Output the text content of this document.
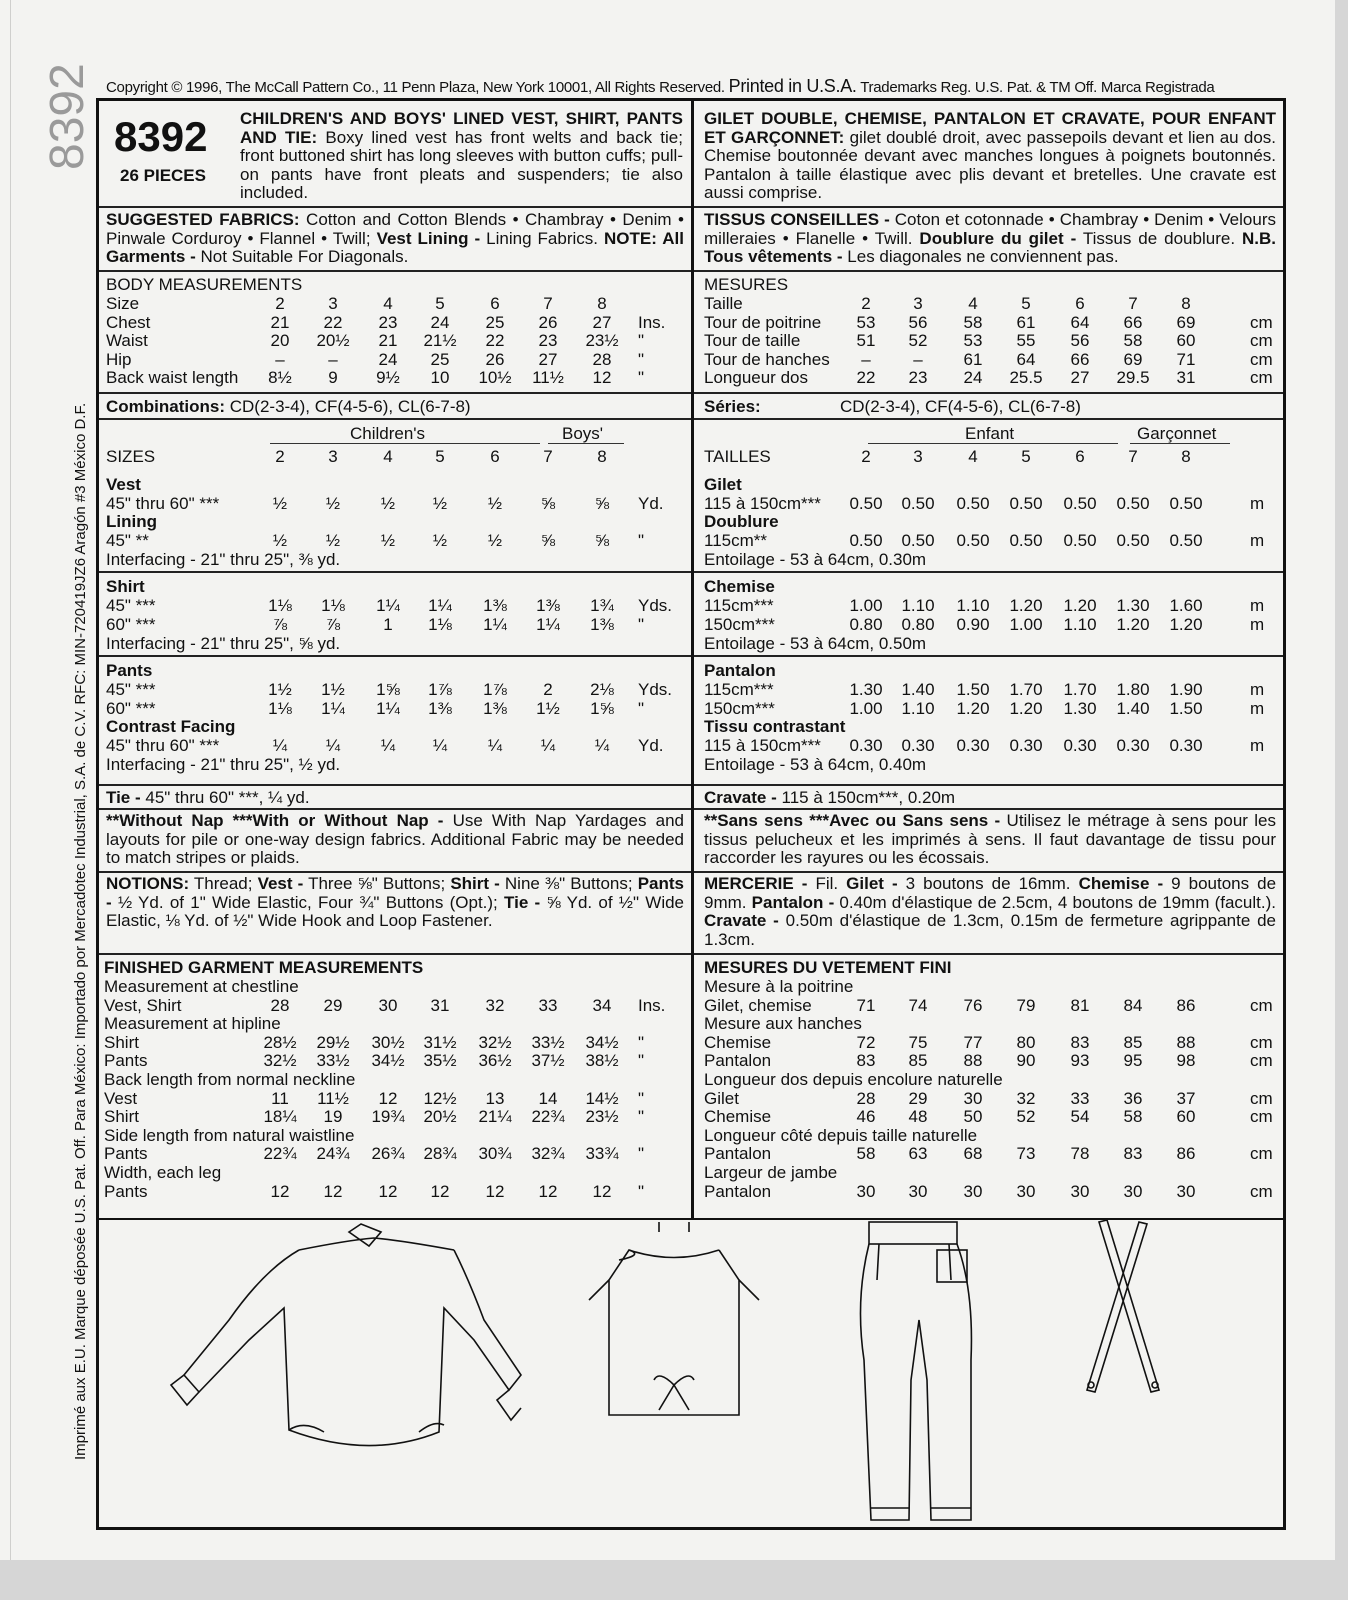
8392 Copyright © 1996, The McCall Pattern Co., 11 Penn Plaza, New York 10001, All Rights Reserved. Printed in U.S.A. Trademarks Reg. U.S. Pat. & TM Off. Marca Registrada
Imprimé aux E.U. Marque déposée U.S. Pat. Off. Para México: Importado por Mercadotec Industrial, S.A. de C.V. RFC: MIN-720419JZ6 Aragón #3 México D.F.
8392
26 PIECES
CHILDREN'S AND BOYS' LINED VEST, SHIRT, PANTS AND TIE: Boxy lined vest has front welts and back tie; front buttoned shirt has long sleeves with button cuffs; pull-on pants have front pleats and suspenders; tie also included.
SUGGESTED FABRICS: Cotton and Cotton Blends • Chambray • Denim • Pinwale Corduroy • Flannel • Twill; Vest Lining - Lining Fabrics. NOTE: All Garments - Not Suitable For Diagonals.
BODY MEASUREMENTS
Size	2	3	4	5	6	7	8
Chest	21	22	23	24	25	26	27	Ins.
Waist	20	20½	21	21½	22	23	23½	"
Hip	–	–	24	25	26	27	28	"
Back waist length	8½	9	9½	10	10½	11½	12	"
Combinations: CD(2-3-4), CF(4-5-6), CL(6-7-8)
Children's	Boys'
SIZES	2	3	4	5	6	7	8
Vest
45" thru 60" ***	½	½	½	½	½	⅝	⅝	Yd.
Lining
45" **	½	½	½	½	½	⅝	⅝	"
Interfacing - 21" thru 25", ⅜ yd.
Shirt
45" ***	1⅛	1⅛	1¼	1¼	1⅜	1⅜	1¾	Yds.
60" ***	⅞	⅞	1	1⅛	1¼	1¼	1⅜	"
Interfacing - 21" thru 25", ⅝ yd.
Pants
45" ***	1½	1½	1⅝	1⅞	1⅞	2	2⅛	Yds.
60" ***	1⅛	1¼	1¼	1⅜	1⅜	1½	1⅝	"
Contrast Facing
45" thru 60" ***	¼	¼	¼	¼	¼	¼	¼	Yd.
Interfacing - 21" thru 25", ½ yd.
Tie - 45" thru 60" ***, ¼ yd.
**Without Nap ***With or Without Nap - Use With Nap Yardages and layouts for pile or one-way design fabrics. Additional Fabric may be needed to match stripes or plaids.
NOTIONS: Thread; Vest - Three ⅝" Buttons; Shirt - Nine ⅜" Buttons; Pants - ½ Yd. of 1" Wide Elastic, Four ¾" Buttons (Opt.); Tie - ⅝ Yd. of ½" Wide Elastic, ⅛ Yd. of ½" Wide Hook and Loop Fastener.
FINISHED GARMENT MEASUREMENTS
Measurement at chestline
Vest, Shirt	28	29	30	31	32	33	34	Ins.
Measurement at hipline
Shirt	28½	29½	30½	31½	32½	33½	34½	"
Pants	32½	33½	34½	35½	36½	37½	38½	"
Back length from normal neckline
Vest	11	11½	12	12½	13	14	14½	"
Shirt	18¼	19	19¾	20½	21¼	22¾	23½	"
Side length from natural waistline
Pants	22¾	24¾	26¾	28¾	30¾	32¾	33¾	"
Width, each leg
Pants	12	12	12	12	12	12	12	"
GILET DOUBLE, CHEMISE, PANTALON ET CRAVATE, POUR ENFANT ET GARÇONNET: gilet doublé droit, avec passepoils devant et lien au dos. Chemise boutonnée devant avec manches longues à poignets boutonnés. Pantalon à taille élastique avec plis devant et bretelles. Une cravate est aussi comprise.
TISSUS CONSEILLES - Coton et cotonnade • Chambray • Denim • Velours milleraies • Flanelle • Twill. Doublure du gilet - Tissus de doublure. N.B. Tous vêtements - Les diagonales ne conviennent pas.
MESURES
Taille	2	3	4	5	6	7	8
Tour de poitrine	53	56	58	61	64	66	69	cm
Tour de taille	51	52	53	55	56	58	60	cm
Tour de hanches	–	–	61	64	66	69	71	cm
Longueur dos	22	23	24	25.5	27	29.5	31	cm
Séries:	CD(2-3-4), CF(4-5-6), CL(6-7-8)
Enfant	Garçonnet
TAILLES	2	3	4	5	6	7	8
Gilet
115 à 150cm***	0.50	0.50	0.50	0.50	0.50	0.50	0.50	m
Doublure
115cm**	0.50	0.50	0.50	0.50	0.50	0.50	0.50	m
Entoilage - 53 à 64cm, 0.30m
Chemise
115cm***	1.00	1.10	1.10	1.20	1.20	1.30	1.60	m
150cm***	0.80	0.80	0.90	1.00	1.10	1.20	1.20	m
Entoilage - 53 à 64cm, 0.50m
Pantalon
115cm***	1.30	1.40	1.50	1.70	1.70	1.80	1.90	m
150cm***	1.00	1.10	1.20	1.20	1.30	1.40	1.50	m
Tissu contrastant
115 à 150cm***	0.30	0.30	0.30	0.30	0.30	0.30	0.30	m
Entoilage - 53 à 64cm, 0.40m
Cravate - 115 à 150cm***, 0.20m
**Sans sens ***Avec ou Sans sens - Utilisez le métrage à sens pour les tissus pelucheux et les imprimés à sens. Il faut davantage de tissu pour raccorder les rayures ou les écossais.
MERCERIE - Fil. Gilet - 3 boutons de 16mm. Chemise - 9 boutons de 9mm. Pantalon - 0.40m d'élastique de 2.5cm, 4 boutons de 19mm (facult.). Cravate - 0.50m d'élastique de 1.3cm, 0.15m de fermeture agrippante de 1.3cm.
MESURES DU VETEMENT FINI
Mesure à la poitrine
Gilet, chemise	71	74	76	79	81	84	86	cm
Mesure aux hanches
Chemise	72	75	77	80	83	85	88	cm
Pantalon	83	85	88	90	93	95	98	cm
Longueur dos depuis encolure naturelle
Gilet	28	29	30	32	33	36	37	cm
Chemise	46	48	50	52	54	58	60	cm
Longueur côté depuis taille naturelle
Pantalon	58	63	68	73	78	83	86	cm
Largeur de jambe
Pantalon	30	30	30	30	30	30	30	cm
